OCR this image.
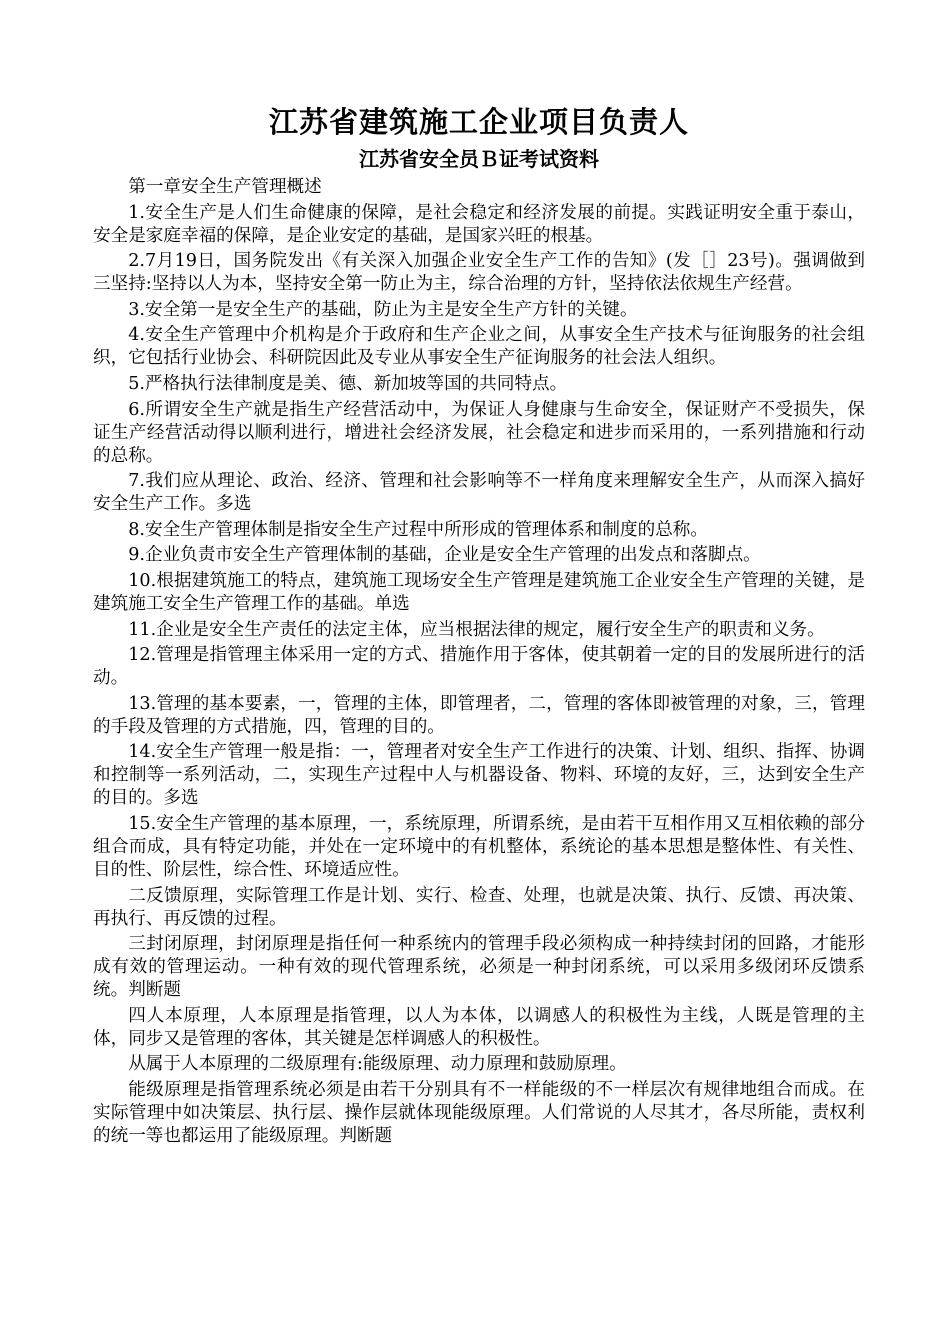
江苏省建筑施工企业项目负责人
江苏省安全员Ｂ证考试资料

第一章安全生产管理概述

1.安全生产是人们生命健康的保障，是社会稳定和经济发展的前提。实践证明安全重于泰山，安全是家庭幸福的保障，是企业安定的基础，是国家兴旺的根基。

2.7月19日，国务院发出《有关深入加强企业安全生产工作的告知》(发［］23号)。强调做到三坚持:坚持以人为本，坚持安全第一防止为主，综合治理的方针，坚持依法依规生产经营。

3.安全第一是安全生产的基础，防止为主是安全生产方针的关键。

4.安全生产管理中介机构是介于政府和生产企业之间，从事安全生产技术与征询服务的社会组织，它包括行业协会、科研院因此及专业从事安全生产征询服务的社会法人组织。

5.严格执行法律制度是美、德、新加坡等国的共同特点。

6.所谓安全生产就是指生产经营活动中，为保证人身健康与生命安全，保证财产不受损失，保证生产经营活动得以顺利进行，增进社会经济发展，社会稳定和进步而采用的，一系列措施和行动的总称。

7.我们应从理论、政治、经济、管理和社会影响等不一样角度来理解安全生产，从而深入搞好安全生产工作。多选

8.安全生产管理体制是指安全生产过程中所形成的管理体系和制度的总称。

9.企业负责市安全生产管理体制的基础，企业是安全生产管理的出发点和落脚点。

10.根据建筑施工的特点，建筑施工现场安全生产管理是建筑施工企业安全生产管理的关键，是建筑施工安全生产管理工作的基础。单选

11.企业是安全生产责任的法定主体，应当根据法律的规定，履行安全生产的职责和义务。

12.管理是指管理主体采用一定的方式、措施作用于客体，使其朝着一定的目的发展所进行的活动。

13.管理的基本要素，一，管理的主体，即管理者，二，管理的客体即被管理的对象，三，管理的手段及管理的方式措施，四，管理的目的。

14.安全生产管理一般是指：一，管理者对安全生产工作进行的决策、计划、组织、指挥、协调和控制等一系列活动，二，实现生产过程中人与机器设备、物料、环境的友好，三，达到安全生产的目的。多选

15.安全生产管理的基本原理，一，系统原理，所谓系统，是由若干互相作用又互相依赖的部分组合而成，具有特定功能，并处在一定环境中的有机整体，系统论的基本思想是整体性、有关性、目的性、阶层性，综合性、环境适应性。

二反馈原理，实际管理工作是计划、实行、检查、处理，也就是决策、执行、反馈、再决策、再执行、再反馈的过程。

三封闭原理，封闭原理是指任何一种系统内的管理手段必须构成一种持续封闭的回路，才能形成有效的管理运动。一种有效的现代管理系统，必须是一种封闭系统，可以采用多级闭环反馈系统。判断题

四人本原理，人本原理是指管理，以人为本体，以调感人的积极性为主线，人既是管理的主体，同步又是管理的客体，其关键是怎样调感人的积极性。

从属于人本原理的二级原理有:能级原理、动力原理和鼓励原理。

能级原理是指管理系统必须是由若干分别具有不一样能级的不一样层次有规律地组合而成。在实际管理中如决策层、执行层、操作层就体现能级原理。人们常说的人尽其才，各尽所能，责权利的统一等也都运用了能级原理。判断题
